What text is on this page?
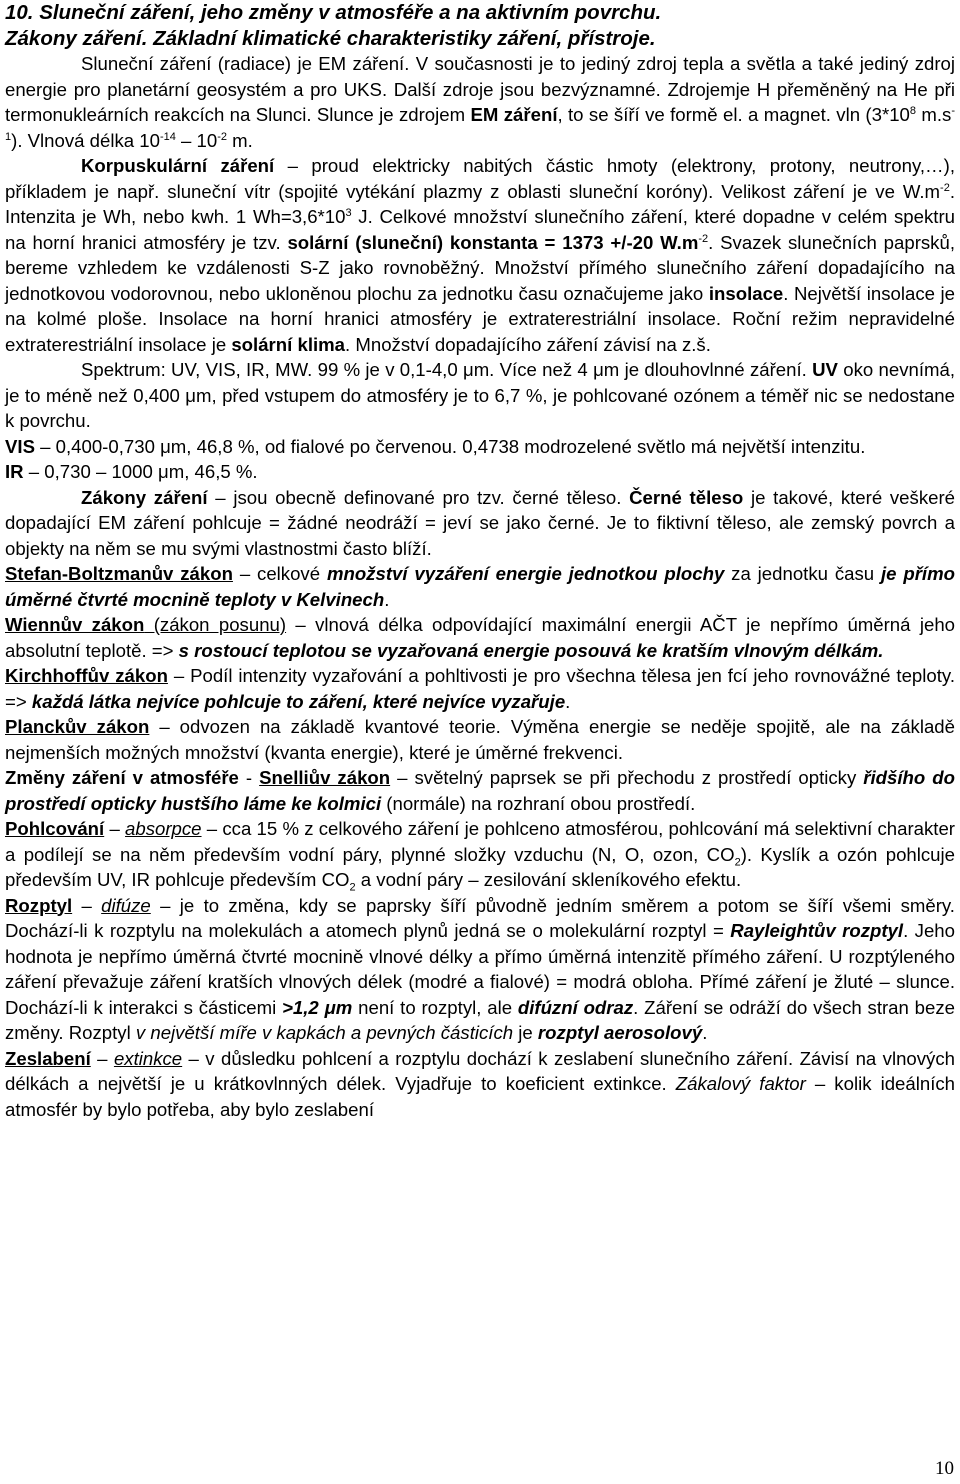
10. Sluneční záření, jeho změny v atmosféře a na aktivním povrchu.

Zákony záření. Základní klimatické charakteristiky záření, přístroje.

Sluneční záření (radiace) je EM záření. V současnosti je to jediný zdroj tepla a světla a také jediný zdroj energie pro planetární geosystém a pro UKS. Další zdroje jsou bezvýznamné. Zdrojemje H přeměněný na He při termonukleárních reakcích na Slunci. Slunce je zdrojem EM záření, to se šíří ve formě el. a magnet. vln ($3*10^8$ $m.s^{-1}$). Vlnová délka $10^{-14} - 10^{-2}$ m.

Korpuskulární záření – proud elektricky nabitých částic hmoty (elektrony, protony, neutrony,…), příkladem je např. sluneční vítr (spojité vytékání plazmy z oblasti sluneční koróny). Velikost záření je ve $W.m^{-2}$. Intenzita je Wh, nebo kwh. 1 $Wh=3,6*10^3$ J. Celkové množství slunečního záření, které dopadne v celém spektru na horní hranici atmosféry je tzv. solární (sluneční) konstanta = 1373 +/-20 $W.m^{-2}$. Svazek slunečních paprsků, bereme vzhledem ke vzdálenosti S-Z jako rovnoběžný. Množství přímého slunečního záření dopadajícího na jednotkovou vodorovnou, nebo ukloněnou plochu za jednotku času označujeme jako insolace. Největší insolace je na kolmé ploše. Insolace na horní hranici atmosféry je extraterestriální insolace. Roční režim nepravidelné extraterestriální insolace je solární klima. Množství dopadajícího záření závisí na z.š.

Spektrum: UV, VIS, IR, MW. 99 % je v 0,1-4,0 μm. Více než 4 μm je dlouhovlnné záření. UV oko nevnímá, je to méně než 0,400 μm, před vstupem do atmosféry je to 6,7 %, je pohlcované ozónem a téměř nic se nedostane k povrchu.

VIS – 0,400-0,730 μm, 46,8 %, od fialové po červenou. 0,4738 modrozelené světlo má největší intenzitu.

IR – 0,730 – 1000 μm, 46,5 %.

Zákony záření – jsou obecně definované pro tzv. černé těleso. Černé těleso je takové, které veškeré dopadající EM záření pohlcuje = žádné neodráží = jeví se jako černé. Je to fiktivní těleso, ale zemský povrch a objekty na něm se mu svými vlastnostmi často blíží.

Stefan-Boltzmanův zákon – celkové množství vyzáření energie jednotkou plochy za jednotku času je přímo úměrné čtvrté mocnině teploty v Kelvinech.

Wiennův zákon (zákon posunu) – vlnová délka odpovídající maximální energii AČT je nepřímo úměrná jeho absolutní teplotě. => s rostoucí teplotou se vyzařovaná energie posouvá ke kratším vlnovým délkám.

Kirchhoffův zákon – Podíl intenzity vyzařování a pohltivosti je pro všechna tělesa jen fcí jeho rovnovážné teploty. => každá látka nejvíce pohlcuje to záření, které nejvíce vyzařuje.

Planckův zákon – odvozen na základě kvantové teorie. Výměna energie se neděje spojitě, ale na základě nejmenších možných množství (kvanta energie), které je úměrné frekvenci.

Změny záření v atmosféře - Snelliův zákon – světelný paprsek se při přechodu z prostředí opticky řidšího do prostředí opticky hustšího láme ke kolmici (normále) na rozhraní obou prostředí.

Pohlcování – absorpce – cca 15 % z celkového záření je pohlceno atmosférou, pohlcování má selektivní charakter a podílejí se na něm především vodní páry, plynné složky vzduchu (N, O, ozon, $CO_2$). Kyslík a ozón pohlcuje především UV, IR pohlcuje především $CO_2$ a vodní páry – zesilování skleníkového efektu.

Rozptyl – difúze – je to změna, kdy se paprsky šíří původně jedním směrem a potom se šíří všemi směry. Dochází-li k rozptylu na molekulách a atomech plynů jedná se o molekulární rozptyl = Rayleightův rozptyl. Jeho hodnota je nepřímo úměrná čtvrté mocnině vlnové délky a přímo úměrná intenzitě přímého záření. U rozptýleného záření převažuje záření kratších vlnových délek (modré a fialové) = modrá obloha. Přímé záření je žluté – slunce. Dochází-li k interakci s částicemi >1,2 μm není to rozptyl, ale difúzní odraz. Záření se odráží do všech stran beze změny. Rozptyl v největší míře v kapkách a pevných částicích je rozptyl aerosolový.

Zeslabení – extinkce – v důsledku pohlcení a rozptylu dochází k zeslabení slunečního záření. Závisí na vlnových délkách a největší je u krátkovlnných délek. Vyjadřuje to koeficient extinkce. Zákalový faktor – kolik ideálních atmosfér by bylo potřeba, aby bylo zeslabení

10
